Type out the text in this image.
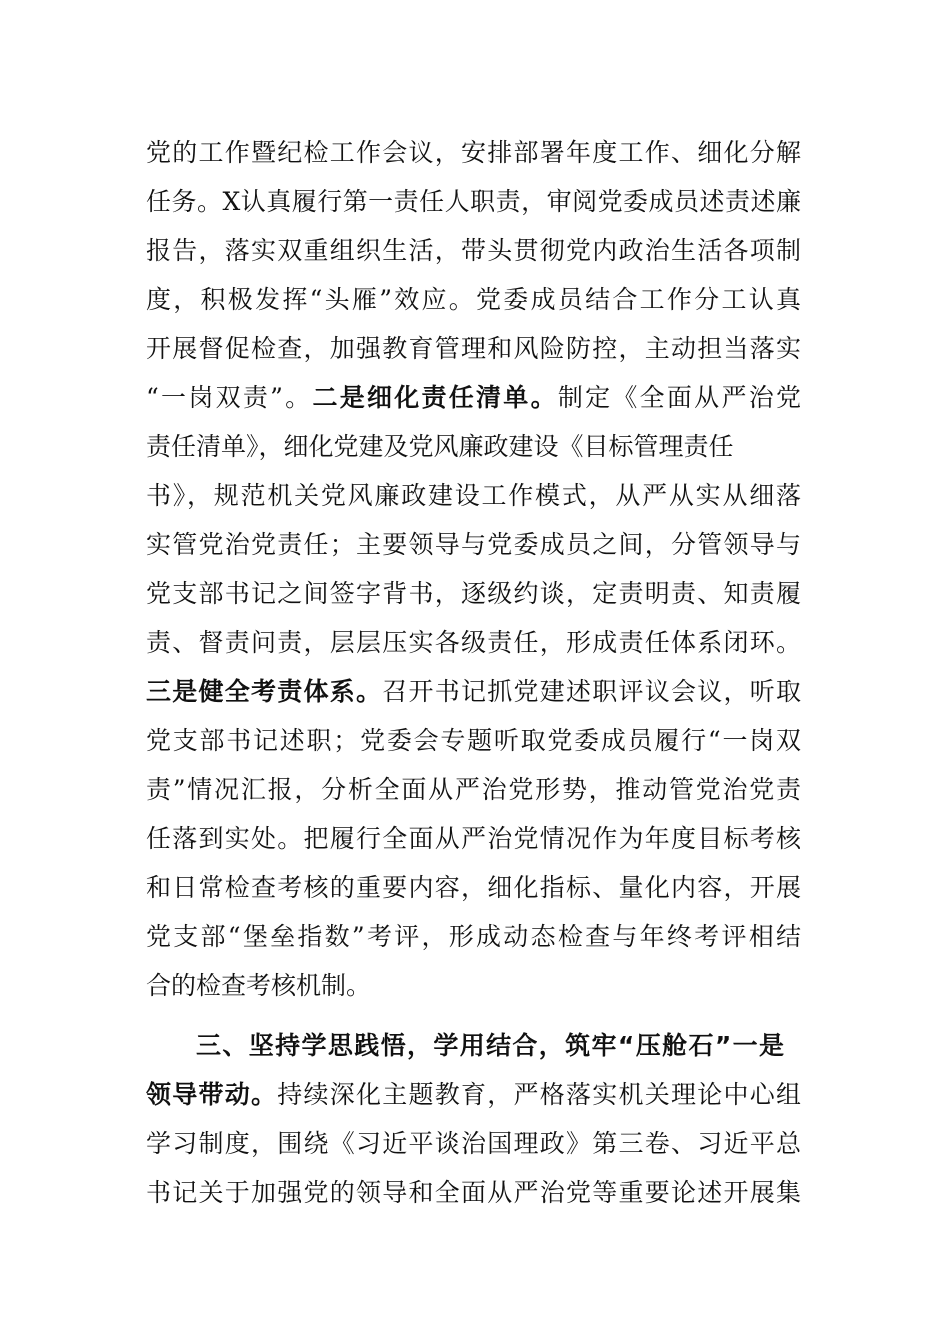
党的工作暨纪检工作会议，安排部署年度工作、细化分解
任务。X认真履行第一责任人职责，审阅党委成员述责述廉
报告，落实双重组织生活，带头贯彻党内政治生活各项制
度，积极发挥“头雁”效应。党委成员结合工作分工认真
开展督促检查，加强教育管理和风险防控，主动担当落实
“一岗双责”。二是细化责任清单。制定《全面从严治党
责任清单》，细化党建及党风廉政建设《目标管理责任
书》，规范机关党风廉政建设工作模式，从严从实从细落
实管党治党责任；主要领导与党委成员之间，分管领导与
党支部书记之间签字背书，逐级约谈，定责明责、知责履
责、督责问责，层层压实各级责任，形成责任体系闭环。
三是健全考责体系。召开书记抓党建述职评议会议，听取
党支部书记述职；党委会专题听取党委成员履行“一岗双
责”情况汇报，分析全面从严治党形势，推动管党治党责
任落到实处。把履行全面从严治党情况作为年度目标考核
和日常检查考核的重要内容，细化指标、量化内容，开展
党支部“堡垒指数”考评，形成动态检查与年终考评相结
合的检查考核机制。
三、坚持学思践悟，学用结合，筑牢“压舱石”一是
领导带动。持续深化主题教育，严格落实机关理论中心组
学习制度，围绕《习近平谈治国理政》第三卷、习近平总
书记关于加强党的领导和全面从严治党等重要论述开展集
